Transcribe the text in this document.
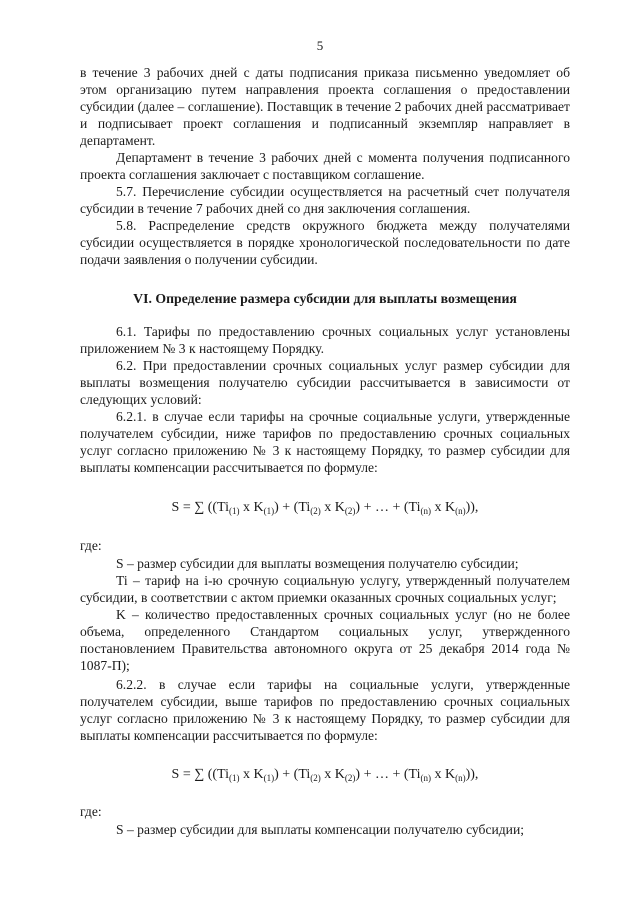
5

в течение 3 рабочих дней с даты подписания приказа письменно уведомляет об этом организацию путем направления проекта соглашения о предоставлении субсидии (далее – соглашение). Поставщик в течение 2 рабочих дней рассматривает и подписывает проект соглашения и подписанный экземпляр направляет в департамент.

Департамент в течение 3 рабочих дней с момента получения подписанного проекта соглашения заключает с поставщиком соглашение.

5.7. Перечисление субсидии осуществляется на расчетный счет получателя субсидии в течение 7 рабочих дней со дня заключения соглашения.

5.8. Распределение средств окружного бюджета между получателями субсидии осуществляется в порядке хронологической последовательности по дате подачи заявления о получении субсидии.

VI. Определение размера субсидии для выплаты возмещения

6.1. Тарифы по предоставлению срочных социальных услуг установлены приложением № 3 к настоящему Порядку.

6.2. При предоставлении срочных социальных услуг размер субсидии для выплаты возмещения получателю субсидии рассчитывается в зависимости от следующих условий:

6.2.1. в случае если тарифы на срочные социальные услуги, утвержденные получателем субсидии, ниже тарифов по предоставлению срочных социальных услуг согласно приложению № 3 к настоящему Порядку, то размер субсидии для выплаты компенсации рассчитывается по формуле:

S = ∑ (($Ti_{(1)}$ x $K_{(1)}) + (Ti_{(2)}$ x $K_{(2)}$) + … + ($Ti_{(n)}$ x $K_{(n)}$)),
где:

S – размер субсидии для выплаты возмещения получателю субсидии;

Ti – тариф на i-ю срочную социальную услугу, утвержденный получателем субсидии, в соответствии с актом приемки оказанных срочных социальных услуг;

K – количество предоставленных срочных социальных услуг (но не более объема, определенного Стандартом социальных услуг, утвержденного постановлением Правительства автономного округа от 25 декабря 2014 года № 1087-П);

6.2.2. в случае если тарифы на социальные услуги, утвержденные получателем субсидии, выше тарифов по предоставлению срочных социальных услуг согласно приложению № 3 к настоящему Порядку, то размер субсидии для выплаты компенсации рассчитывается по формуле:

S = ∑ (($Ti_{(1)}$ x $K_{(1)}) + (Ti_{(2)}$ x $K_{(2)}$) + … + ($Ti_{(n)}$ x $K_{(n)}$)),
где:

S – размер субсидии для выплаты компенсации получателю субсидии;
